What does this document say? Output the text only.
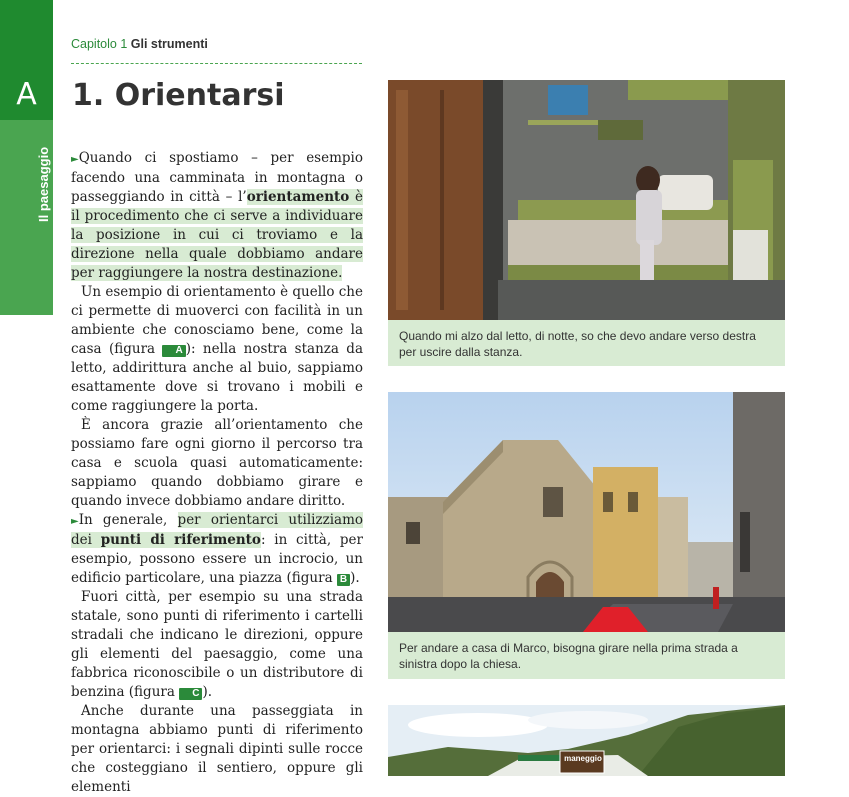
A
Il paesaggio
Capitolo 1 Gli strumenti
1. Orientarsi

►Quando ci spostiamo – per esempio facendo una camminata in montagna o passeggiando in città – l’orientamento è il procedimento che ci serve a individuare la posizione in cui ci troviamo e la direzione nella quale dobbiamo andare per raggiungere la nostra destinazione.

Un esempio di orientamento è quello che ci permette di muoverci con facilità in un ambiente che conosciamo bene, come la casa (figura A ): nella nostra stanza da letto, addirittura anche al buio, sappiamo esattamente dove si trovano i mobili e come raggiungere la porta.

È ancora grazie all’orientamento che possiamo fare ogni giorno il percorso tra casa e scuola quasi automaticamente: sappiamo quando dobbiamo girare e quando invece dobbiamo andare diritto.

►In generale, per orientarci utilizziamo dei punti di riferimento: in città, per esempio, possono essere un incrocio, un edificio particolare, una piazza (figura B ).

Fuori città, per esempio su una strada statale, sono punti di riferimento i cartelli stradali che indicano le direzioni, oppure gli elementi del paesaggio, come una fabbrica riconoscibile o un distributore di benzina (figura C ).

Anche durante una passeggiata in montagna abbiamo punti di riferimento per orientarci: i segnali dipinti sulle rocce che costeggiano il sentiero, oppure gli elementi

Quando mi alzo dal letto, di notte, so che devo andare verso destra per uscire dalla stanza.
Per andare a casa di Marco, bisogna girare nella prima strada a sinistra dopo la chiesa.
maneggio
